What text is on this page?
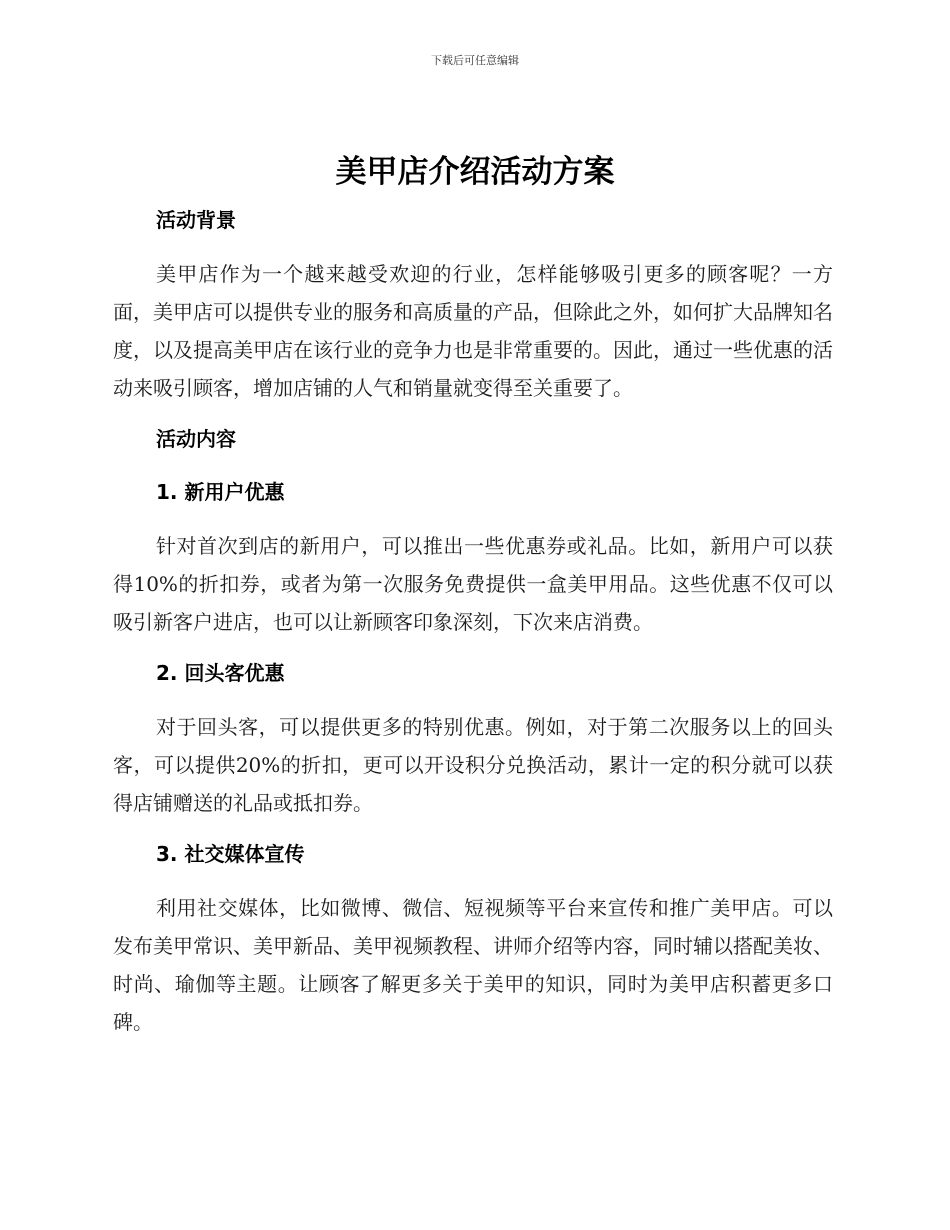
下载后可任意编辑
美甲店介绍活动方案
活动背景

美甲店作为一个越来越受欢迎的行业，怎样能够吸引更多的顾客呢？一方面，美甲店可以提供专业的服务和高质量的产品，但除此之外，如何扩大品牌知名度，以及提高美甲店在该行业的竞争力也是非常重要的。因此，通过一些优惠的活动来吸引顾客，增加店铺的人气和销量就变得至关重要了。

活动内容
1. 新用户优惠

针对首次到店的新用户，可以推出一些优惠券或礼品。比如，新用户可以获得10%的折扣券，或者为第一次服务免费提供一盒美甲用品。这些优惠不仅可以吸引新客户进店，也可以让新顾客印象深刻，下次来店消费。

2. 回头客优惠

对于回头客，可以提供更多的特别优惠。例如，对于第二次服务以上的回头客，可以提供20%的折扣，更可以开设积分兑换活动，累计一定的积分就可以获得店铺赠送的礼品或抵扣券。

3. 社交媒体宣传

利用社交媒体，比如微博、微信、短视频等平台来宣传和推广美甲店。可以发布美甲常识、美甲新品、美甲视频教程、讲师介绍等内容，同时辅以搭配美妆、时尚、瑜伽等主题。让顾客了解更多关于美甲的知识，同时为美甲店积蓄更多口碑。
